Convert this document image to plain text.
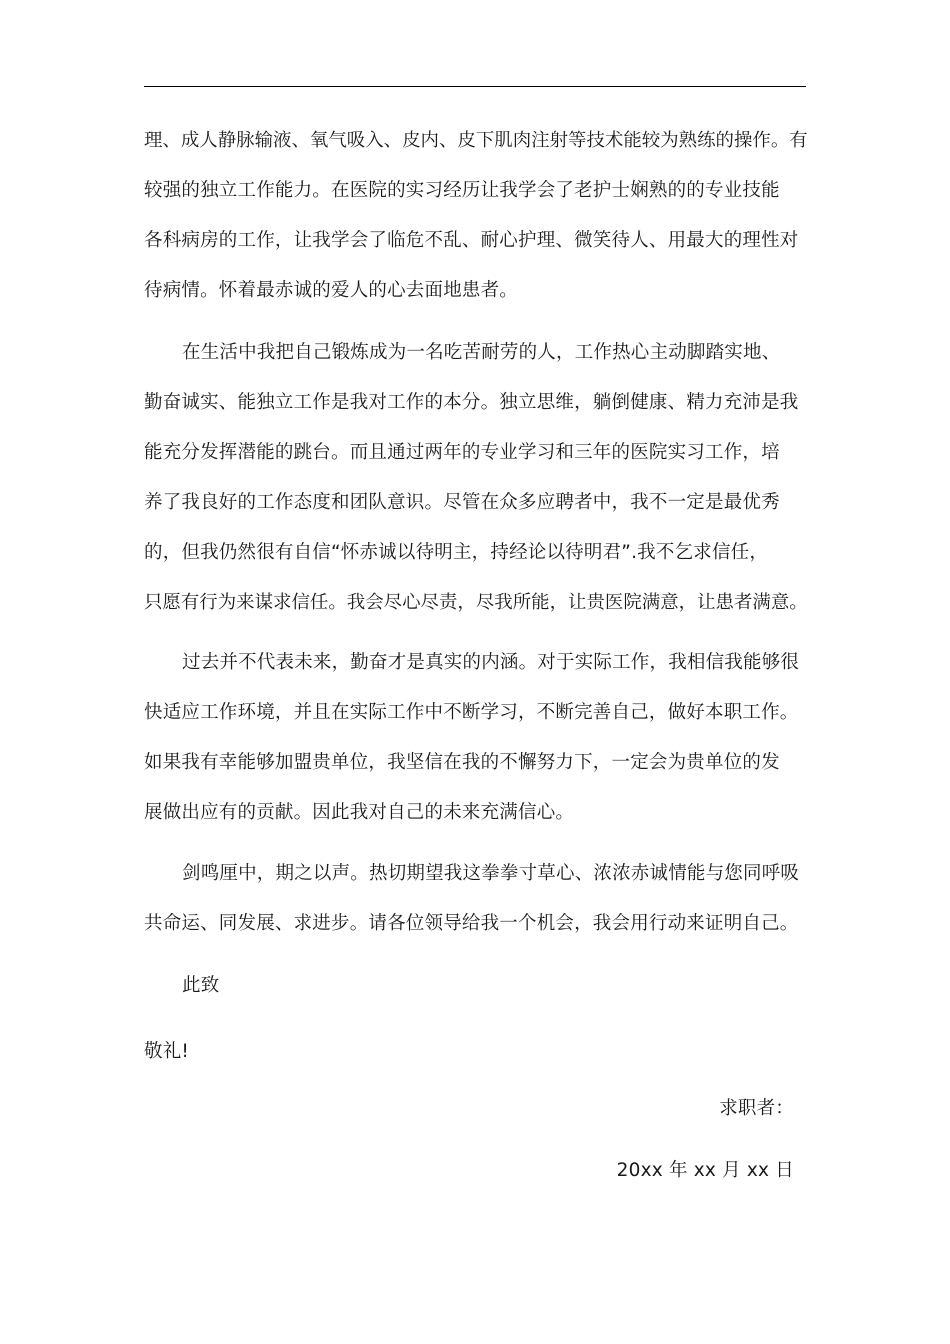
理、成人静脉输液、氧气吸入、皮内、皮下肌肉注射等技术能较为熟练的操作。有
较强的独立工作能力。在医院的实习经历让我学会了老护士娴熟的的专业技能
各科病房的工作，让我学会了临危不乱、耐心护理、微笑待人、用最大的理性对
待病情。怀着最赤诚的爱人的心去面地患者。
在生活中我把自己锻炼成为一名吃苦耐劳的人，工作热心主动脚踏实地、
勤奋诚实、能独立工作是我对工作的本分。独立思维，躺倒健康、精力充沛是我
能充分发挥潜能的跳台。而且通过两年的专业学习和三年的医院实习工作，培
养了我良好的工作态度和团队意识。尽管在众多应聘者中，我不一定是最优秀
的，但我仍然很有自信“怀赤诚以待明主，持经论以待明君”.我不乞求信任，
只愿有行为来谋求信任。我会尽心尽责，尽我所能，让贵医院满意，让患者满意。
过去并不代表未来，勤奋才是真实的内涵。对于实际工作，我相信我能够很
快适应工作环境，并且在实际工作中不断学习，不断完善自己，做好本职工作。
如果我有幸能够加盟贵单位，我坚信在我的不懈努力下，一定会为贵单位的发
展做出应有的贡献。因此我对自己的未来充满信心。
剑鸣厘中，期之以声。热切期望我这拳拳寸草心、浓浓赤诚情能与您同呼吸
共命运、同发展、求进步。请各位领导给我一个机会，我会用行动来证明自己。
此致
敬礼!
求职者：
20xx 年 xx 月 xx 日
